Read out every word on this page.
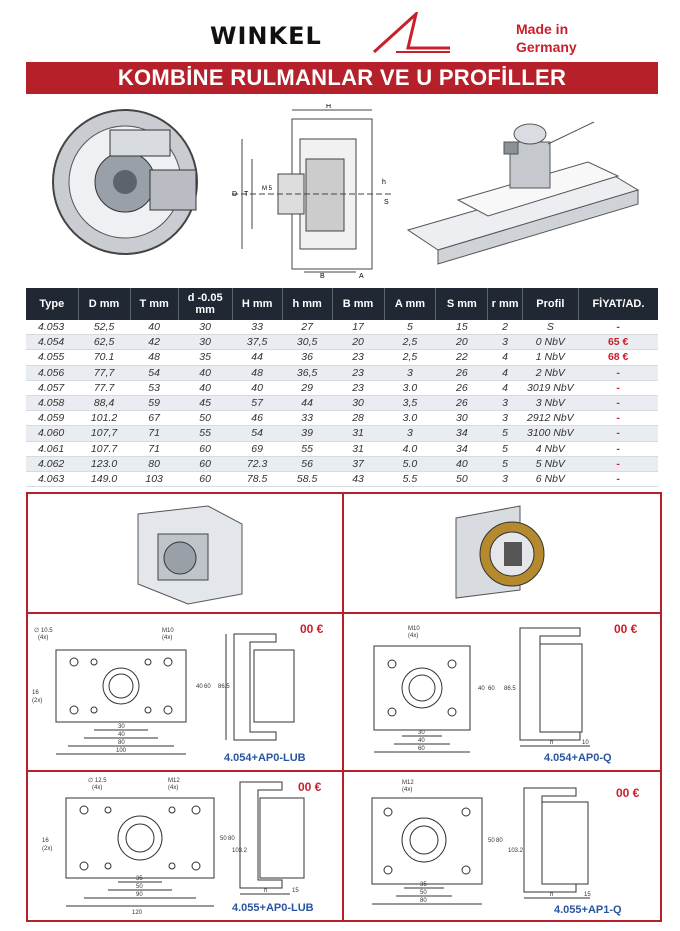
WINKEL	Made in
Germany
KOMBİNE RULMANLAR VE U PROFİLLER
H
D T
M 5
h
S
B	A
Type	D mm	T mm	d -0.05 mm	H mm	h mm	B mm	A mm	S mm	r mm	Profil	FİYAT/AD.
4.053	52,5	40	30	33	27	17	5	15	2	S	-
4.054	62,5	42	30	37,5	30,5	20	2,5	20	3	0 NbV	65 €
4.055	70.1	48	35	44	36	23	2,5	22	4	1 NbV	68 €
4.056	77,7	54	40	48	36,5	23	3	26	4	2 NbV	-
4.057	77.7	53	40	40	29	23	3.0	26	4	3019 NbV	-
4.058	88,4	59	45	57	44	30	3,5	26	3	3 NbV	-
4.059	101.2	67	50	46	33	28	3.0	30	3	2912 NbV	-
4.060	107,7	71	55	54	39	31	3	34	5	3100 NbV	-
4.061	107.7	71	60	69	55	31	4.0	34	5	4 NbV	-
4.062	123.0	80	60	72.3	56	37	5.0	40	5	5 NbV	-
4.063	149.0	103	60	78.5	58.5	43	5.5	50	3	6 NbV	-
∅ 10.5
(4x)
M10
(4x)
30
40
80
100
40 60 86.5
16
(2x)
00 €
4.054+AP0-LUB
M10
(4x)
30
40
60
40 60 86.5
h	10
00 €
4.054+AP0-Q
∅ 12.5
(4x)
M12
(4x)
35
50
90
120
50 80
103.2
h	15
16
(2x)
00 €
4.055+AP0-LUB
M12
(4x)
35
50
80
50 80
103.2
h	15
00 €
4.055+AP1-Q
